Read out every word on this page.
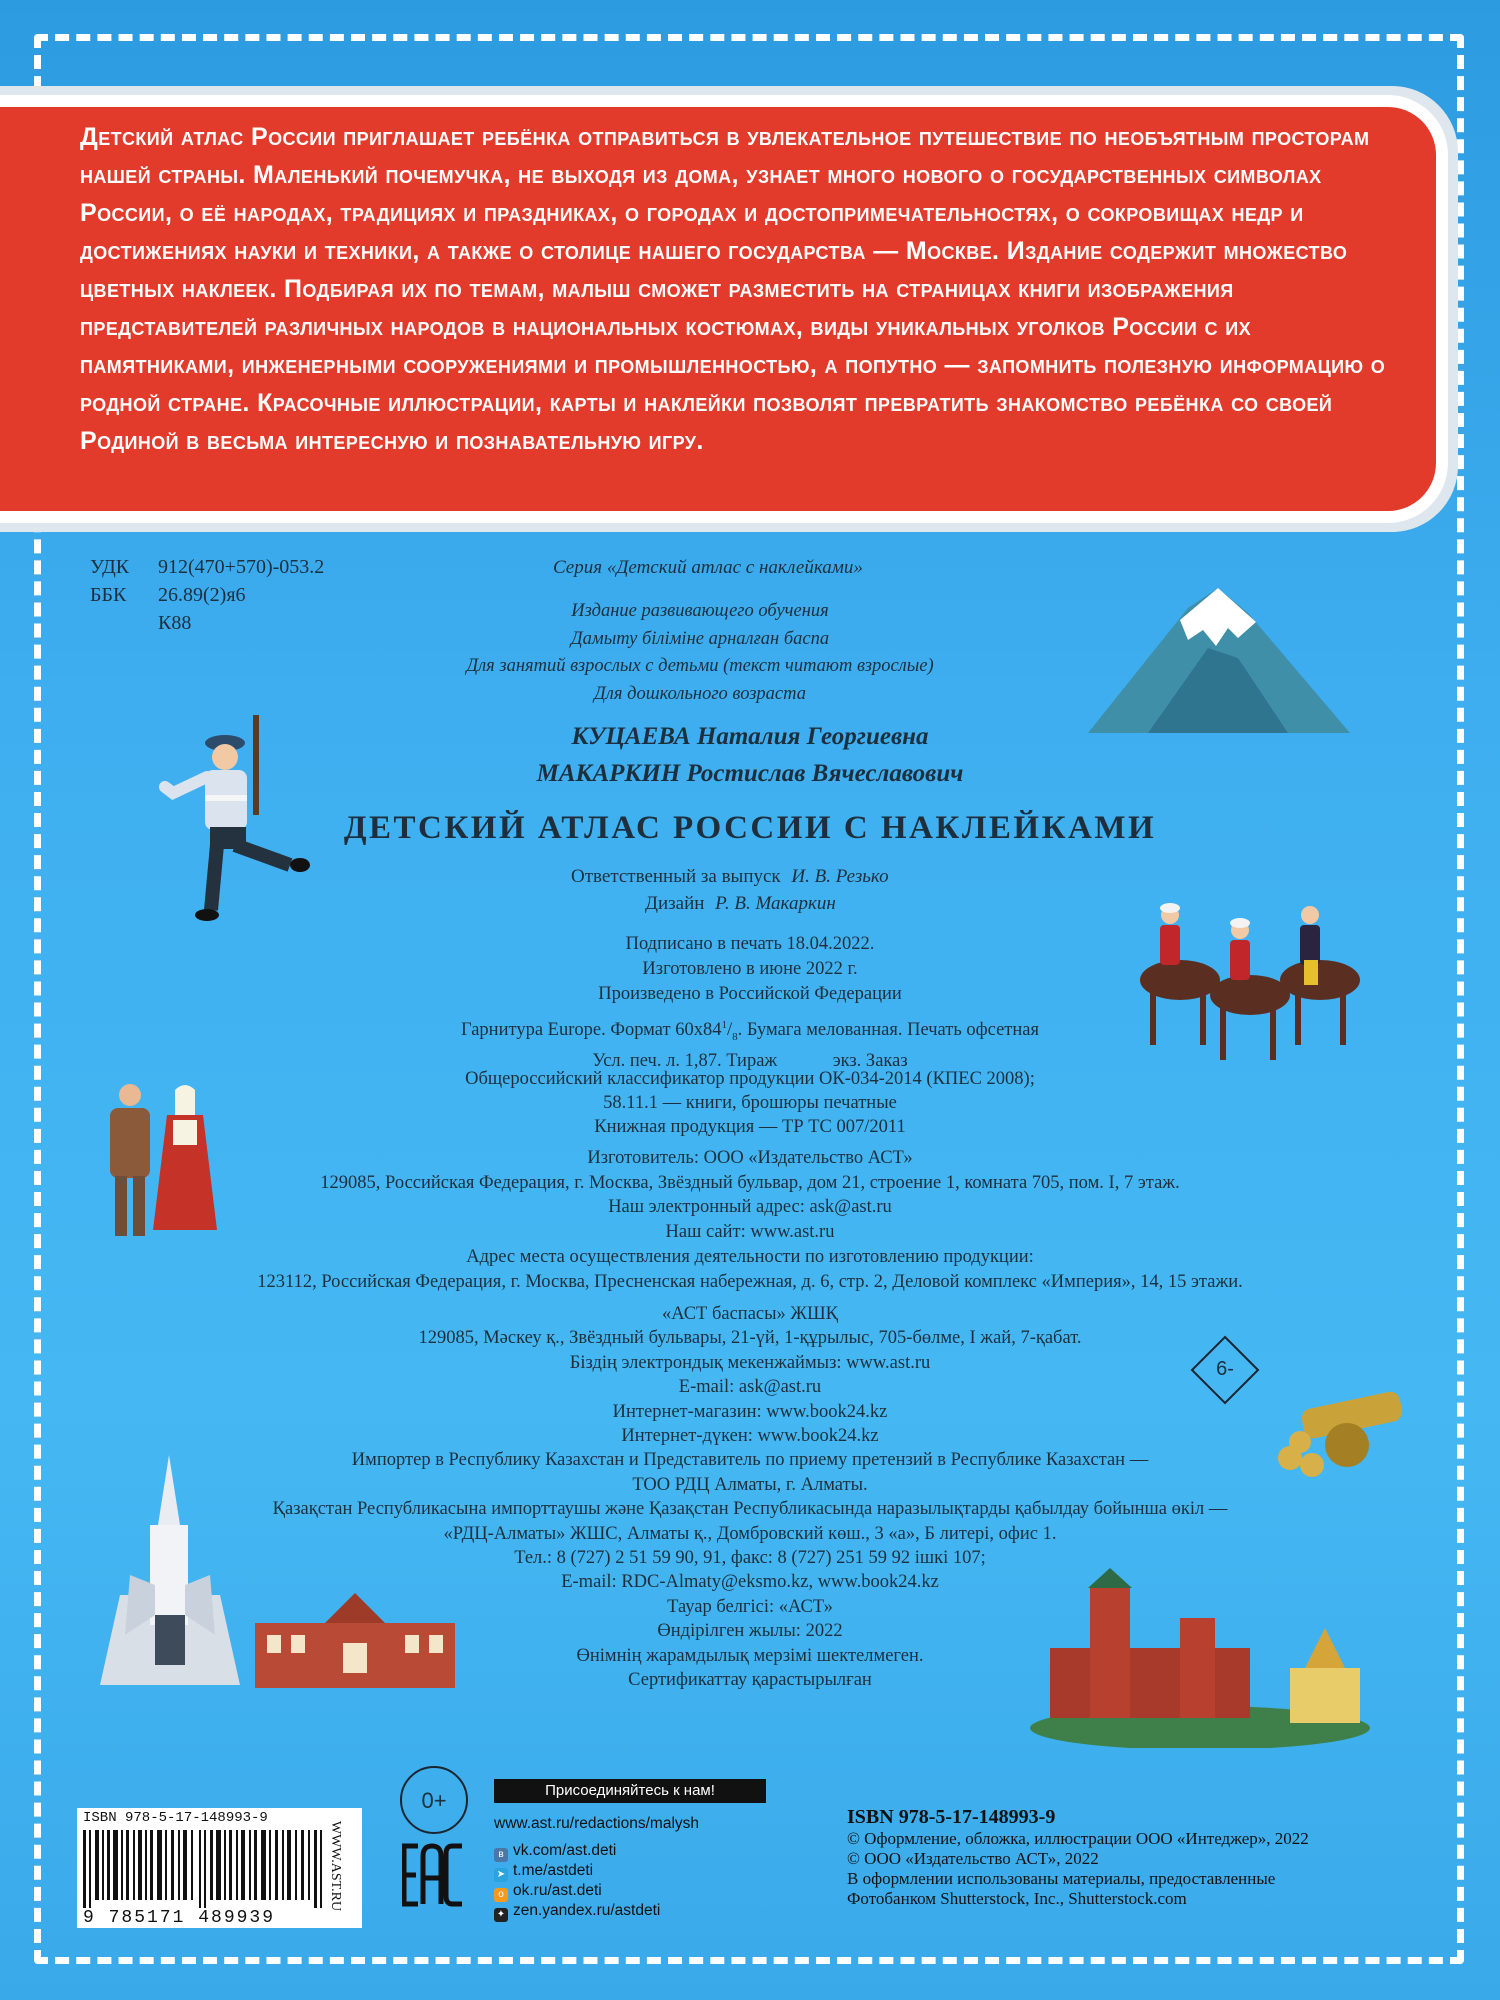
Детский атлас России приглашает ребёнка отправиться в увлекательное путешествие по необъятным просторам нашей страны. Маленький почемучка, не выходя из дома, узнает много нового о государственных символах России, о её народах, традициях и праздниках, о городах и достопримечательностях, о сокровищах недр и достижениях науки и техники, а также о столице нашего государства — Москве. Издание содержит множество цветных наклеек. Подбирая их по темам, малыш сможет разместить на страницах книги изображения представителей различных народов в национальных костюмах, виды уникальных уголков России с их памятниками, инженерными сооружениями и промышленностью, а попутно — запомнить полезную информацию о родной стране. Красочные иллюстрации, карты и наклейки позволят превратить знакомство ребёнка со своей Родиной в весьма интересную и познавательную игру.
УДК 912(470+570)-053.2
ББК 26.89(2)я6
К88
Серия «Детский атлас с наклейками»
Издание развивающего обучения
Дамыту біліміне арналған баспа
Для занятий взрослых с детьми (текст читают взрослые)
Для дошкольного возраста
КУЦАЕВА Наталия Георгиевна
МАКАРКИН Ростислав Вячеславович
ДЕТСКИЙ АТЛАС РОССИИ С НАКЛЕЙКАМИ
Ответственный за выпуск И. В. Резько
Дизайн Р. В. Макаркин
Подписано в печать 18.04.2022.
Изготовлено в июне 2022 г.
Произведено в Российской Федерации
Гарнитура Europe. Формат $60x84^1/_8$. Бумага мелованная. Печать офсетная
Усл. печ. л. 1,87. Тираж            экз. Заказ
Общероссийский классификатор продукции ОК-034-2014 (КПЕС 2008);
58.11.1 — книги, брошюры печатные
Книжная продукция — ТР ТС 007/2011
Изготовитель: ООО «Издательство АСТ»
129085, Российская Федерация, г. Москва, Звёздный бульвар, дом 21, строение 1, комната 705, пом. I, 7 этаж.
Наш электронный адрес: ask@ast.ru
Наш сайт: www.ast.ru
Адрес места осуществления деятельности по изготовлению продукции:
123112, Российская Федерация, г. Москва, Пресненская набережная, д. 6, стр. 2, Деловой комплекс «Империя», 14, 15 этажи.
«АСТ баспасы» ЖШҚ
129085, Мәскеу қ., Звёздный бульвары, 21-үй, 1-құрылыс, 705-бөлме, I жай, 7-қабат.
Біздің электрондық мекенжаймыз: www.ast.ru
E-mail: ask@ast.ru
Интернет-магазин: www.book24.kz
Интернет-дүкен: www.book24.kz
Импортер в Республику Казахстан и Представитель по приему претензий в Республике Казахстан —
ТОО РДЦ Алматы, г. Алматы.
Қазақстан Республикасына импорттаушы және Қазақстан Республикасында наразылықтарды қабылдау бойынша өкіл —
«РДЦ-Алматы» ЖШС, Алматы қ., Домбровский көш., 3 «а», Б литері, офис 1.
Тел.: 8 (727) 2 51 59 90, 91, факс: 8 (727) 251 59 92 ішкі 107;
E-mail: RDC-Almaty@eksmo.kz, www.book24.kz
Тауар белгісі: «АСТ»
Өндірілген жылы: 2022
Өнімнің жарамдылық мерзімі шектелмеген.
Сертификаттау қарастырылған
6-
0+
ISBN 978-5-17-148993-9
9 785171 489939
WWW.AST.RU	ЕАС
Присоединяйтесь к нам!
www.ast.ru/redactions/malysh
в vk.com/ast.deti
➤ t.me/astdeti
о ok.ru/ast.deti
✦ zen.yandex.ru/astdeti
ISBN 978-5-17-148993-9
© Оформление, обложка, иллюстрации ООО «Интеджер», 2022
© ООО «Издательство АСТ», 2022
В оформлении использованы материалы, предоставленные
Фотобанком Shutterstock, Inc., Shutterstock.com
